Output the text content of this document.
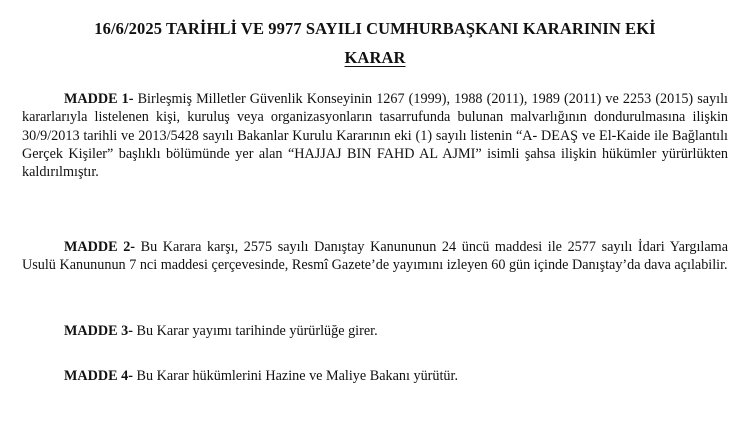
16/6/2025 TARİHLİ VE 9977 SAYILI CUMHURBAŞKANI KARARININ EKİ
KARAR
MADDE 1- Birleşmiş Milletler Güvenlik Konseyinin 1267 (1999), 1988 (2011), 1989 (2011) ve 2253 (2015) sayılı kararlarıyla listelenen kişi, kuruluş veya organizasyonların tasarrufunda bulunan malvarlığının dondurulmasına ilişkin 30/9/2013 tarihli ve 2013/5428 sayılı Bakanlar Kurulu Kararının eki (1) sayılı listenin “A- DEAŞ ve El-Kaide ile Bağlantılı Gerçek Kişiler” başlıklı bölümünde yer alan “HAJJAJ BIN FAHD AL AJMI” isimli şahsa ilişkin hükümler yürürlükten kaldırılmıştır.
MADDE 2- Bu Karara karşı, 2575 sayılı Danıştay Kanununun 24 üncü maddesi ile 2577 sayılı İdari Yargılama Usulü Kanununun 7 nci maddesi çerçevesinde, Resmî Gazete’de yayımını izleyen 60 gün içinde Danıştay’da dava açılabilir.
MADDE 3- Bu Karar yayımı tarihinde yürürlüğe girer.
MADDE 4- Bu Karar hükümlerini Hazine ve Maliye Bakanı yürütür.
